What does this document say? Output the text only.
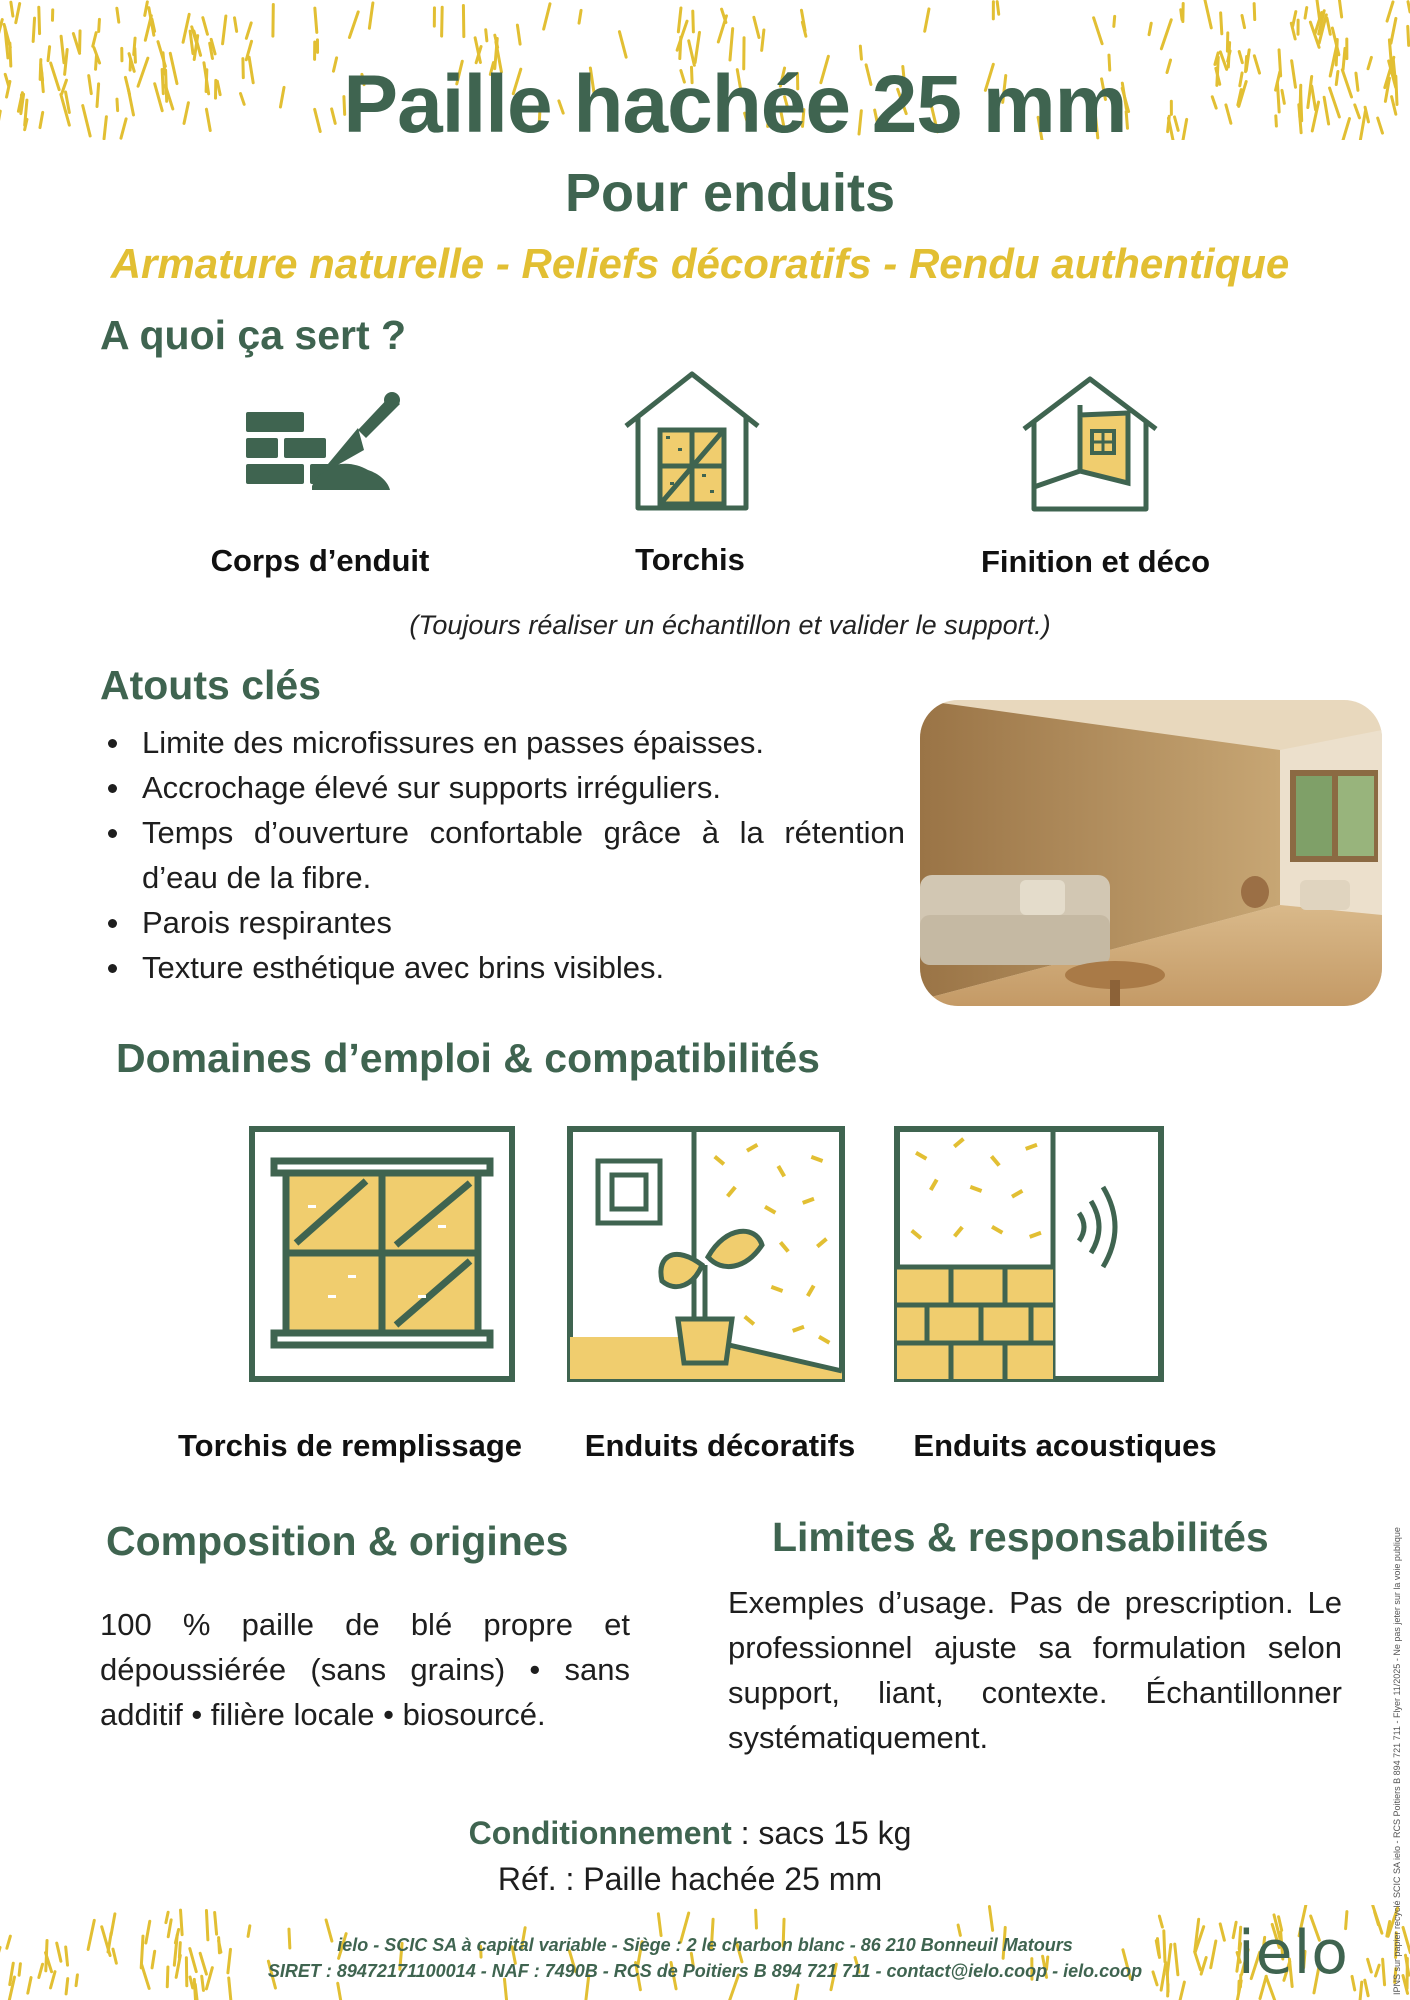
Paille hachée 25 mm
Pour enduits
Armature naturelle - Reliefs décoratifs - Rendu authentique
A quoi ça sert ?
Corps d’enduit	Torchis	Finition et déco
(Toujours réaliser un échantillon et valider le support.)
Atouts clés
Limite des microfissures en passes épaisses.
Accrochage élevé sur supports irréguliers.
Temps d’ouverture confortable grâce à la rétention d’eau de la fibre.
Parois respirantes
Texture esthétique avec brins visibles.
Domaines d’emploi & compatibilités
Torchis de remplissage	Enduits décoratifs	Enduits acoustiques
Composition & origines
100 % paille de blé propre et dépoussiérée (sans grains) • sans additif • filière locale • biosourcé.
Limites & responsabilités
Exemples d’usage. Pas de prescription. Le professionnel ajuste sa formulation selon support, liant, contexte. Échantillonner systématiquement.
Conditionnement : sacs 15 kg
Réf. : Paille hachée 25 mm
ielo - SCIC SA à capital variable - Siège : 2 le charbon blanc - 86 210 Bonneuil Matours
SIRET : 89472171100014 - NAF : 7490B - RCS de Poitiers B 894 721 711 - contact@ielo.coop - ielo.coop	ielo	IPNS sur papier recyclé SCIC SA ielo - RCS Poitiers B 894 721 711 - Flyer 11/2025 - Ne pas jeter sur la voie publique
